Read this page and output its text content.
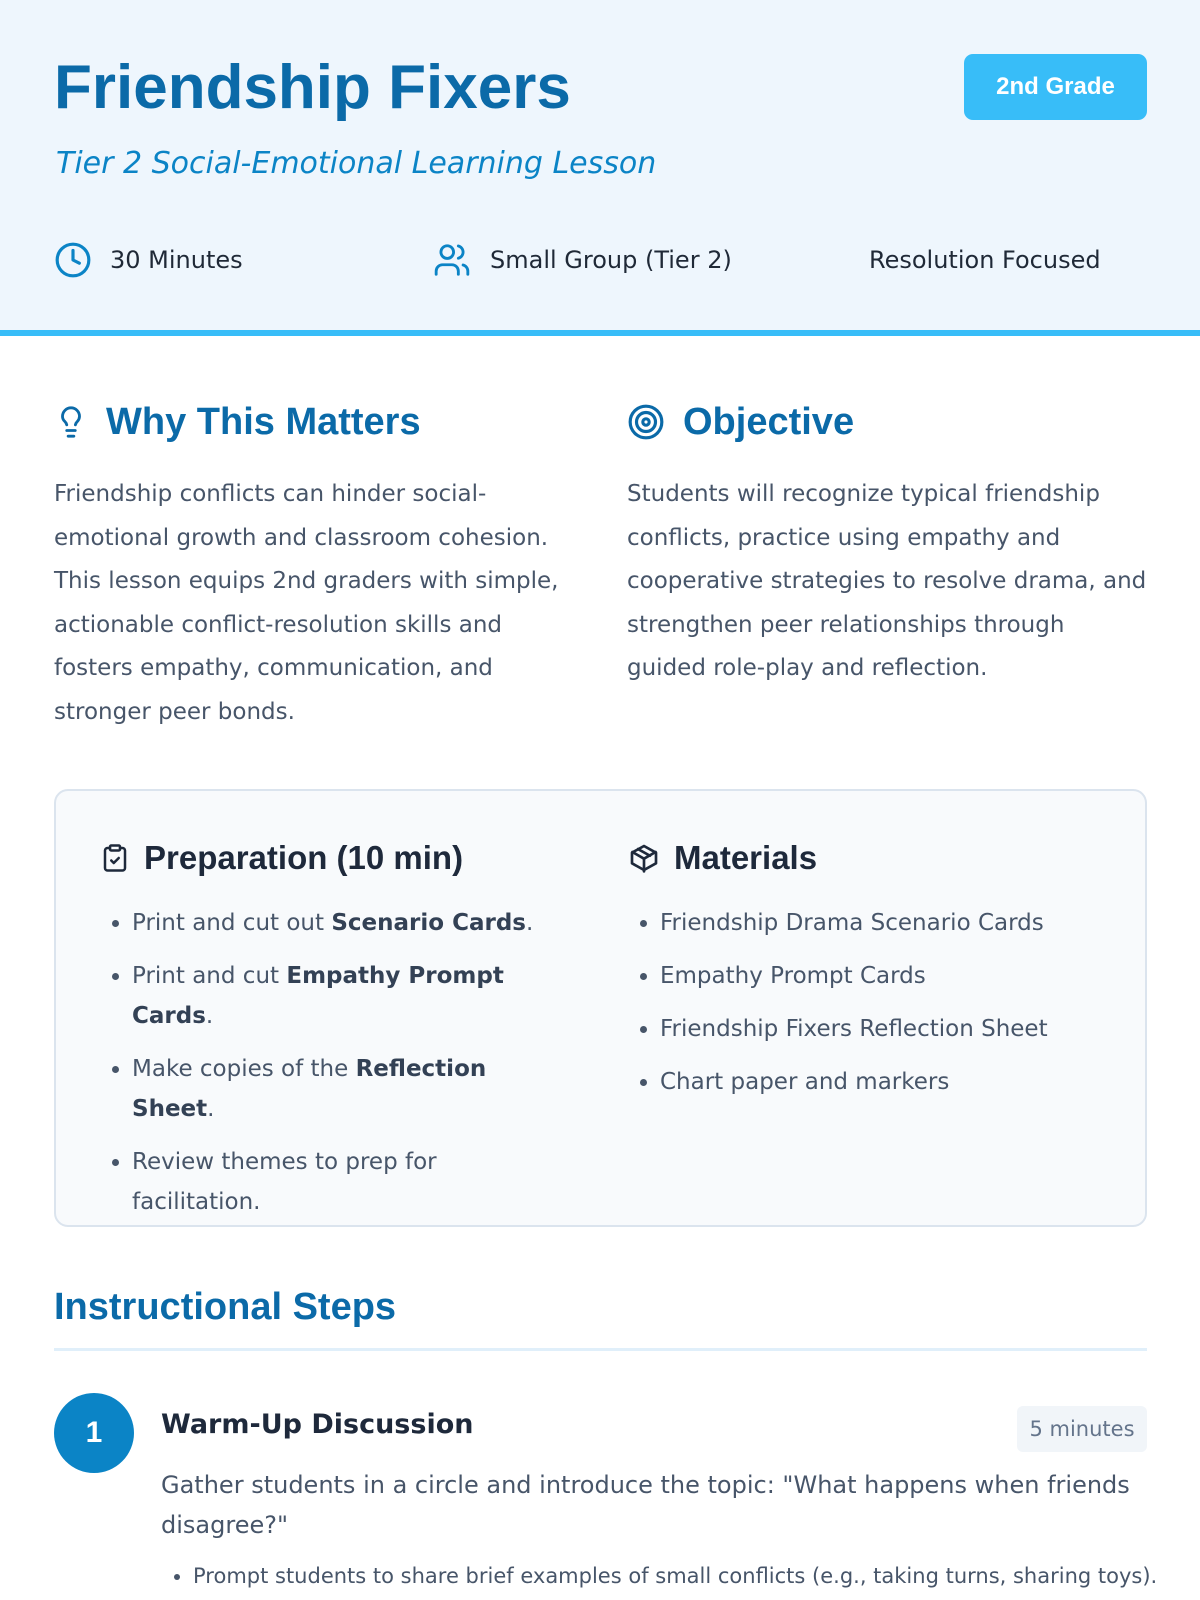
Friendship Fixers
Tier 2 Social-Emotional Learning Lesson
2nd Grade
30 Minutes	Small Group (Tier 2)	Resolution Focused
Why This Matters
Friendship conflicts can hinder social-emotional growth and classroom cohesion. This lesson equips 2nd graders with simple, actionable conflict-resolution skills and fosters empathy, communication, and stronger peer bonds.
Objective
Students will recognize typical friendship conflicts, practice using empathy and cooperative strategies to resolve drama, and strengthen peer relationships through guided role-play and reflection.
Preparation (10 min)
• Print and cut out Scenario Cards.
• Print and cut Empathy Prompt Cards.
• Make copies of the Reflection Sheet.
• Review themes to prep for facilitation.
Materials
• Friendship Drama Scenario Cards
• Empathy Prompt Cards
• Friendship Fixers Reflection Sheet
• Chart paper and markers
Instructional Steps
1	Warm-Up Discussion	5 minutes
Gather students in a circle and introduce the topic: "What happens when friends disagree?"
• Prompt students to share brief examples of small conflicts (e.g., taking turns, sharing toys).
